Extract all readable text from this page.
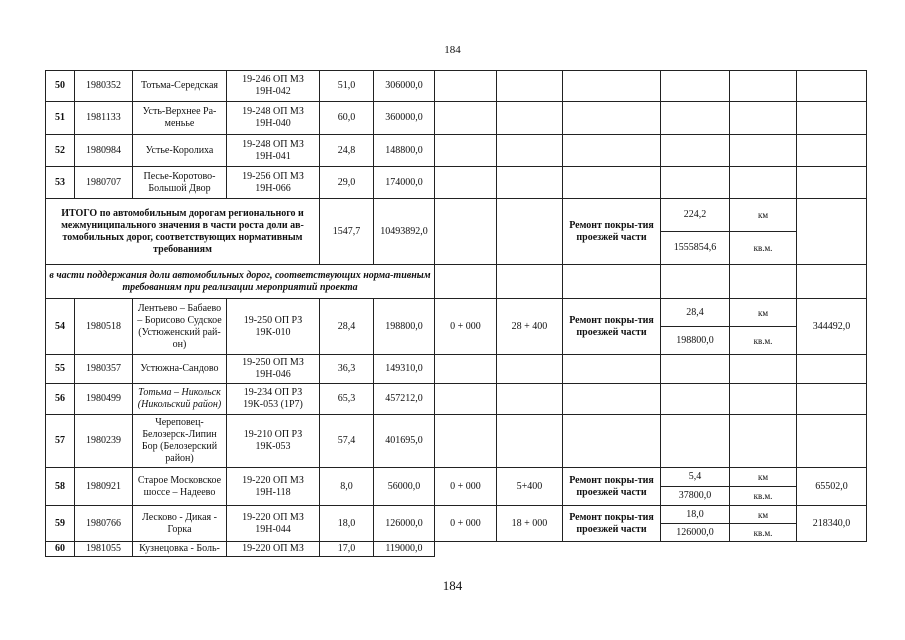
184
50	1980352	Тотьма-Середская	19-246 ОП МЗ 19Н-042	51,0	306000,0						
51	1981133	Усть-Верхнее Ра-меньье	19-248 ОП МЗ 19Н-040	60,0	360000,0						
52	1980984	Устье-Королиха	19-248 ОП МЗ 19Н-041	24,8	148800,0						
53	1980707	Песье-Коротово-Большой Двор	19-256 ОП МЗ 19Н-066	29,0	174000,0						
ИТОГО по автомобильным дорогам регионального и межмуниципального значения в части роста доли ав-томобильных дорог, соответствующих нормативным требованиям				1547,7	10493892,0			Ремонт покры-тия проезжей части	224,2	км	
									1555854,6	кв.м.	
в части поддержания доли автомобильных дорог, соответствующих норма-тивным требованиям при реализации мероприятий проекта											
54	1980518	Лентьево – Бабаево – Борисово Судское (Устюженский рай-он)	19-250 ОП РЗ 19К-010	28,4	198800,0	0 + 000	28 + 400	Ремонт покры-тия проезжей части	28,4	км	344492,0
									198800,0	кв.м.	
55	1980357	Устюжна-Сандово	19-250 ОП МЗ 19Н-046	36,3	149310,0						
56	1980499	Тотьма – Никольск (Никольский район)	19-234 ОП РЗ 19К-053 (1Р7)	65,3	457212,0						
57	1980239	Череповец-Белозерск-Липин Бор (Белозерский район)	19-210 ОП РЗ 19К-053	57,4	401695,0						
58	1980921	Старое Московское шоссе – Надеево	19-220 ОП МЗ 19Н-118	8,0	56000,0	0 + 000	5+400	Ремонт покры-тия проезжей части	5,4	км	65502,0
									37800,0	кв.м.	
59	1980766	Лесково - Дикая - Горка	19-220 ОП МЗ 19Н-044	18,0	126000,0	0 + 000	18 + 000	Ремонт покры-тия проезжей части	18,0	км	218340,0
									126000,0	кв.м.	
60	1981055	Кузнецовка - Боль-	19-220 ОП МЗ	17,0	119000,0						
184
